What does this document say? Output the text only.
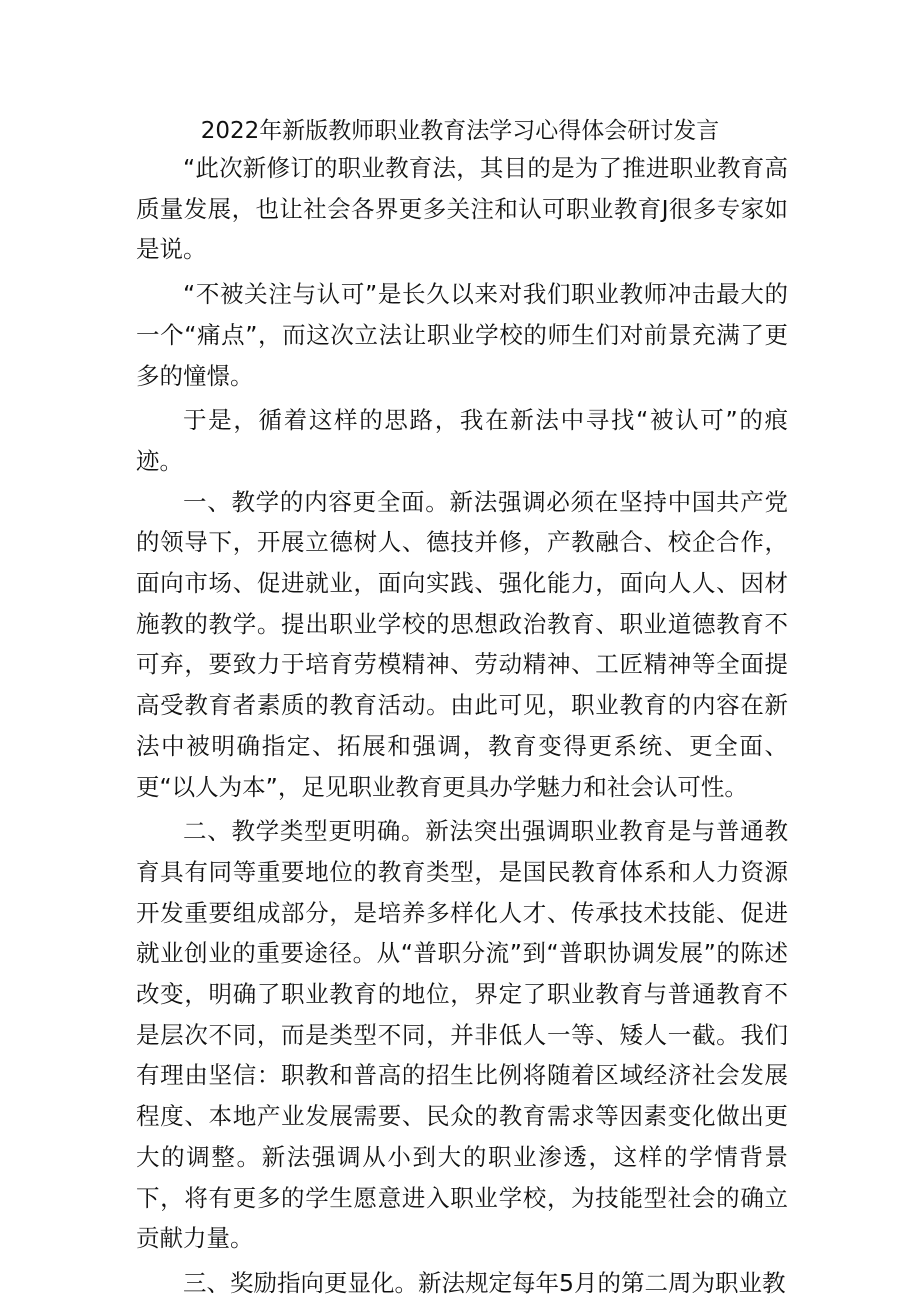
2022年新版教师职业教育法学习心得体会研讨发言

“此次新修订的职业教育法，其目的是为了推进职业教育高质量发展，也让社会各界更多关注和认可职业教育J很多专家如是说。

“不被关注与认可”是长久以来对我们职业教师冲击最大的一个“痛点”，而这次立法让职业学校的师生们对前景充满了更多的憧憬。

于是，循着这样的思路，我在新法中寻找“被认可”的痕迹。

一、教学的内容更全面。新法强调必须在坚持中国共产党的领导下，开展立德树人、德技并修，产教融合、校企合作，面向市场、促进就业，面向实践、强化能力，面向人人、因材施教的教学。提出职业学校的思想政治教育、职业道德教育不可弃，要致力于培育劳模精神、劳动精神、工匠精神等全面提高受教育者素质的教育活动。由此可见，职业教育的内容在新法中被明确指定、拓展和强调，教育变得更系统、更全面、更“以人为本”，足见职业教育更具办学魅力和社会认可性。

二、教学类型更明确。新法突出强调职业教育是与普通教育具有同等重要地位的教育类型，是国民教育体系和人力资源开发重要组成部分，是培养多样化人才、传承技术技能、促进就业创业的重要途径。从“普职分流”到“普职协调发展”的陈述改变，明确了职业教育的地位，界定了职业教育与普通教育不是层次不同，而是类型不同，并非低人一等、矮人一截。我们有理由坚信：职教和普高的招生比例将随着区域经济社会发展程度、本地产业发展需要、民众的教育需求等因素变化做出更大的调整。新法强调从小到大的职业渗透，这样的学情背景下，将有更多的学生愿意进入职业学校，为技能型社会的确立贡献力量。

三、奖励指向更显化。新法规定每年5月的第二周为职业教
